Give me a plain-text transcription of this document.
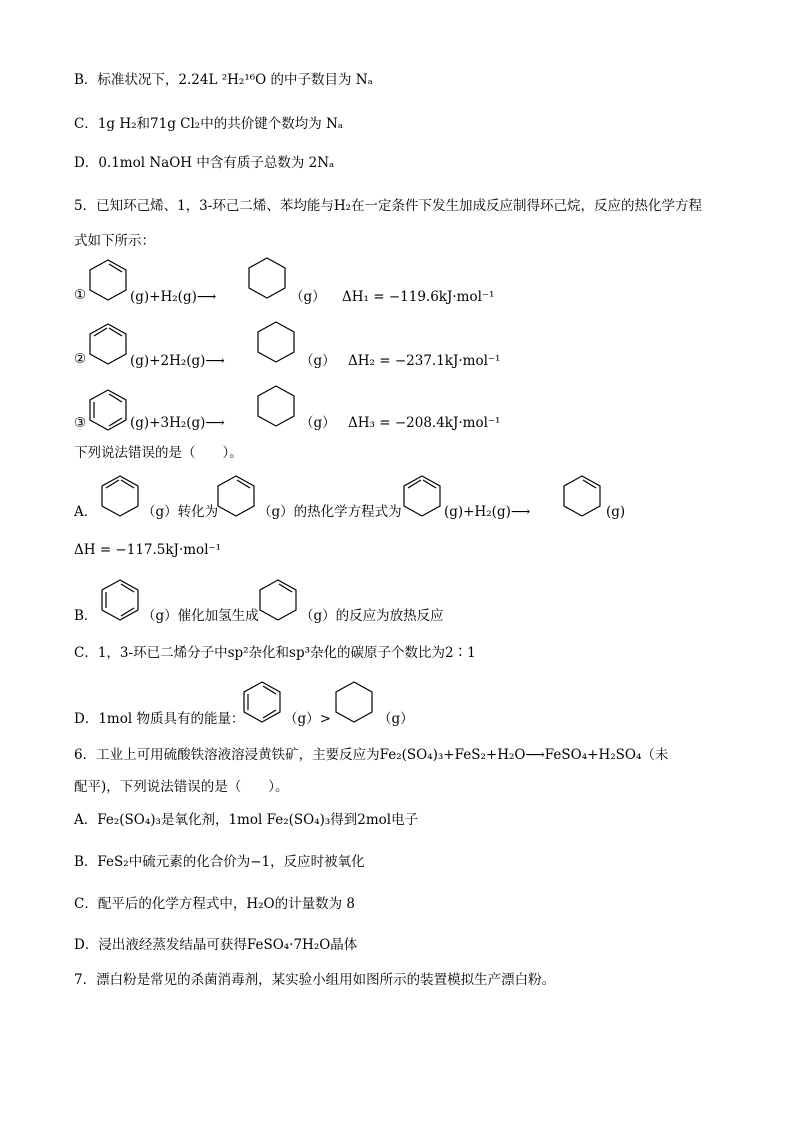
B．标准状况下，2.24L ²H₂¹⁶O 的中子数目为 Nₐ
C．1g H₂和71g Cl₂中的共价键个数均为 Nₐ
D．0.1mol NaOH 中含有质子总数为 2Nₐ
5．已知环己烯、1，3-环己二烯、苯均能与H₂在一定条件下发生加成反应制得环己烷，反应的热化学方程
式如下所示：
①	(g)+H₂(g)⟶	（g） ΔH₁ = −119.6kJ·mol⁻¹
②	(g)+2H₂(g)⟶	（g） ΔH₂ = −237.1kJ·mol⁻¹
③	(g)+3H₂(g)⟶	（g） ΔH₃ = −208.4kJ·mol⁻¹
下列说法错误的是（　　）。
A．	（g）转化为	（g）的热化学方程式为	(g)+H₂(g)⟶	(g)
ΔH = −117.5kJ·mol⁻¹
B．	（g）催化加氢生成	（g）的反应为放热反应
C．1，3-环已二烯分子中sp²杂化和sp³杂化的碳原子个数比为2∶1
D．1mol 物质具有的能量：	（g）>	（g）
6．工业上可用硫酸铁溶液溶浸黄铁矿，主要反应为Fe₂(SO₄)₃+FeS₂+H₂O⟶FeSO₄+H₂SO₄（未
配平)，下列说法错误的是（　　）。
A．Fe₂(SO₄)₃是氧化剂，1mol Fe₂(SO₄)₃得到2mol电子
B．FeS₂中硫元素的化合价为−1，反应时被氧化
C．配平后的化学方程式中，H₂O的计量数为 8
D．浸出液经蒸发结晶可获得FeSO₄·7H₂O晶体
7．漂白粉是常见的杀菌消毒剂，某实验小组用如图所示的装置模拟生产漂白粉。
